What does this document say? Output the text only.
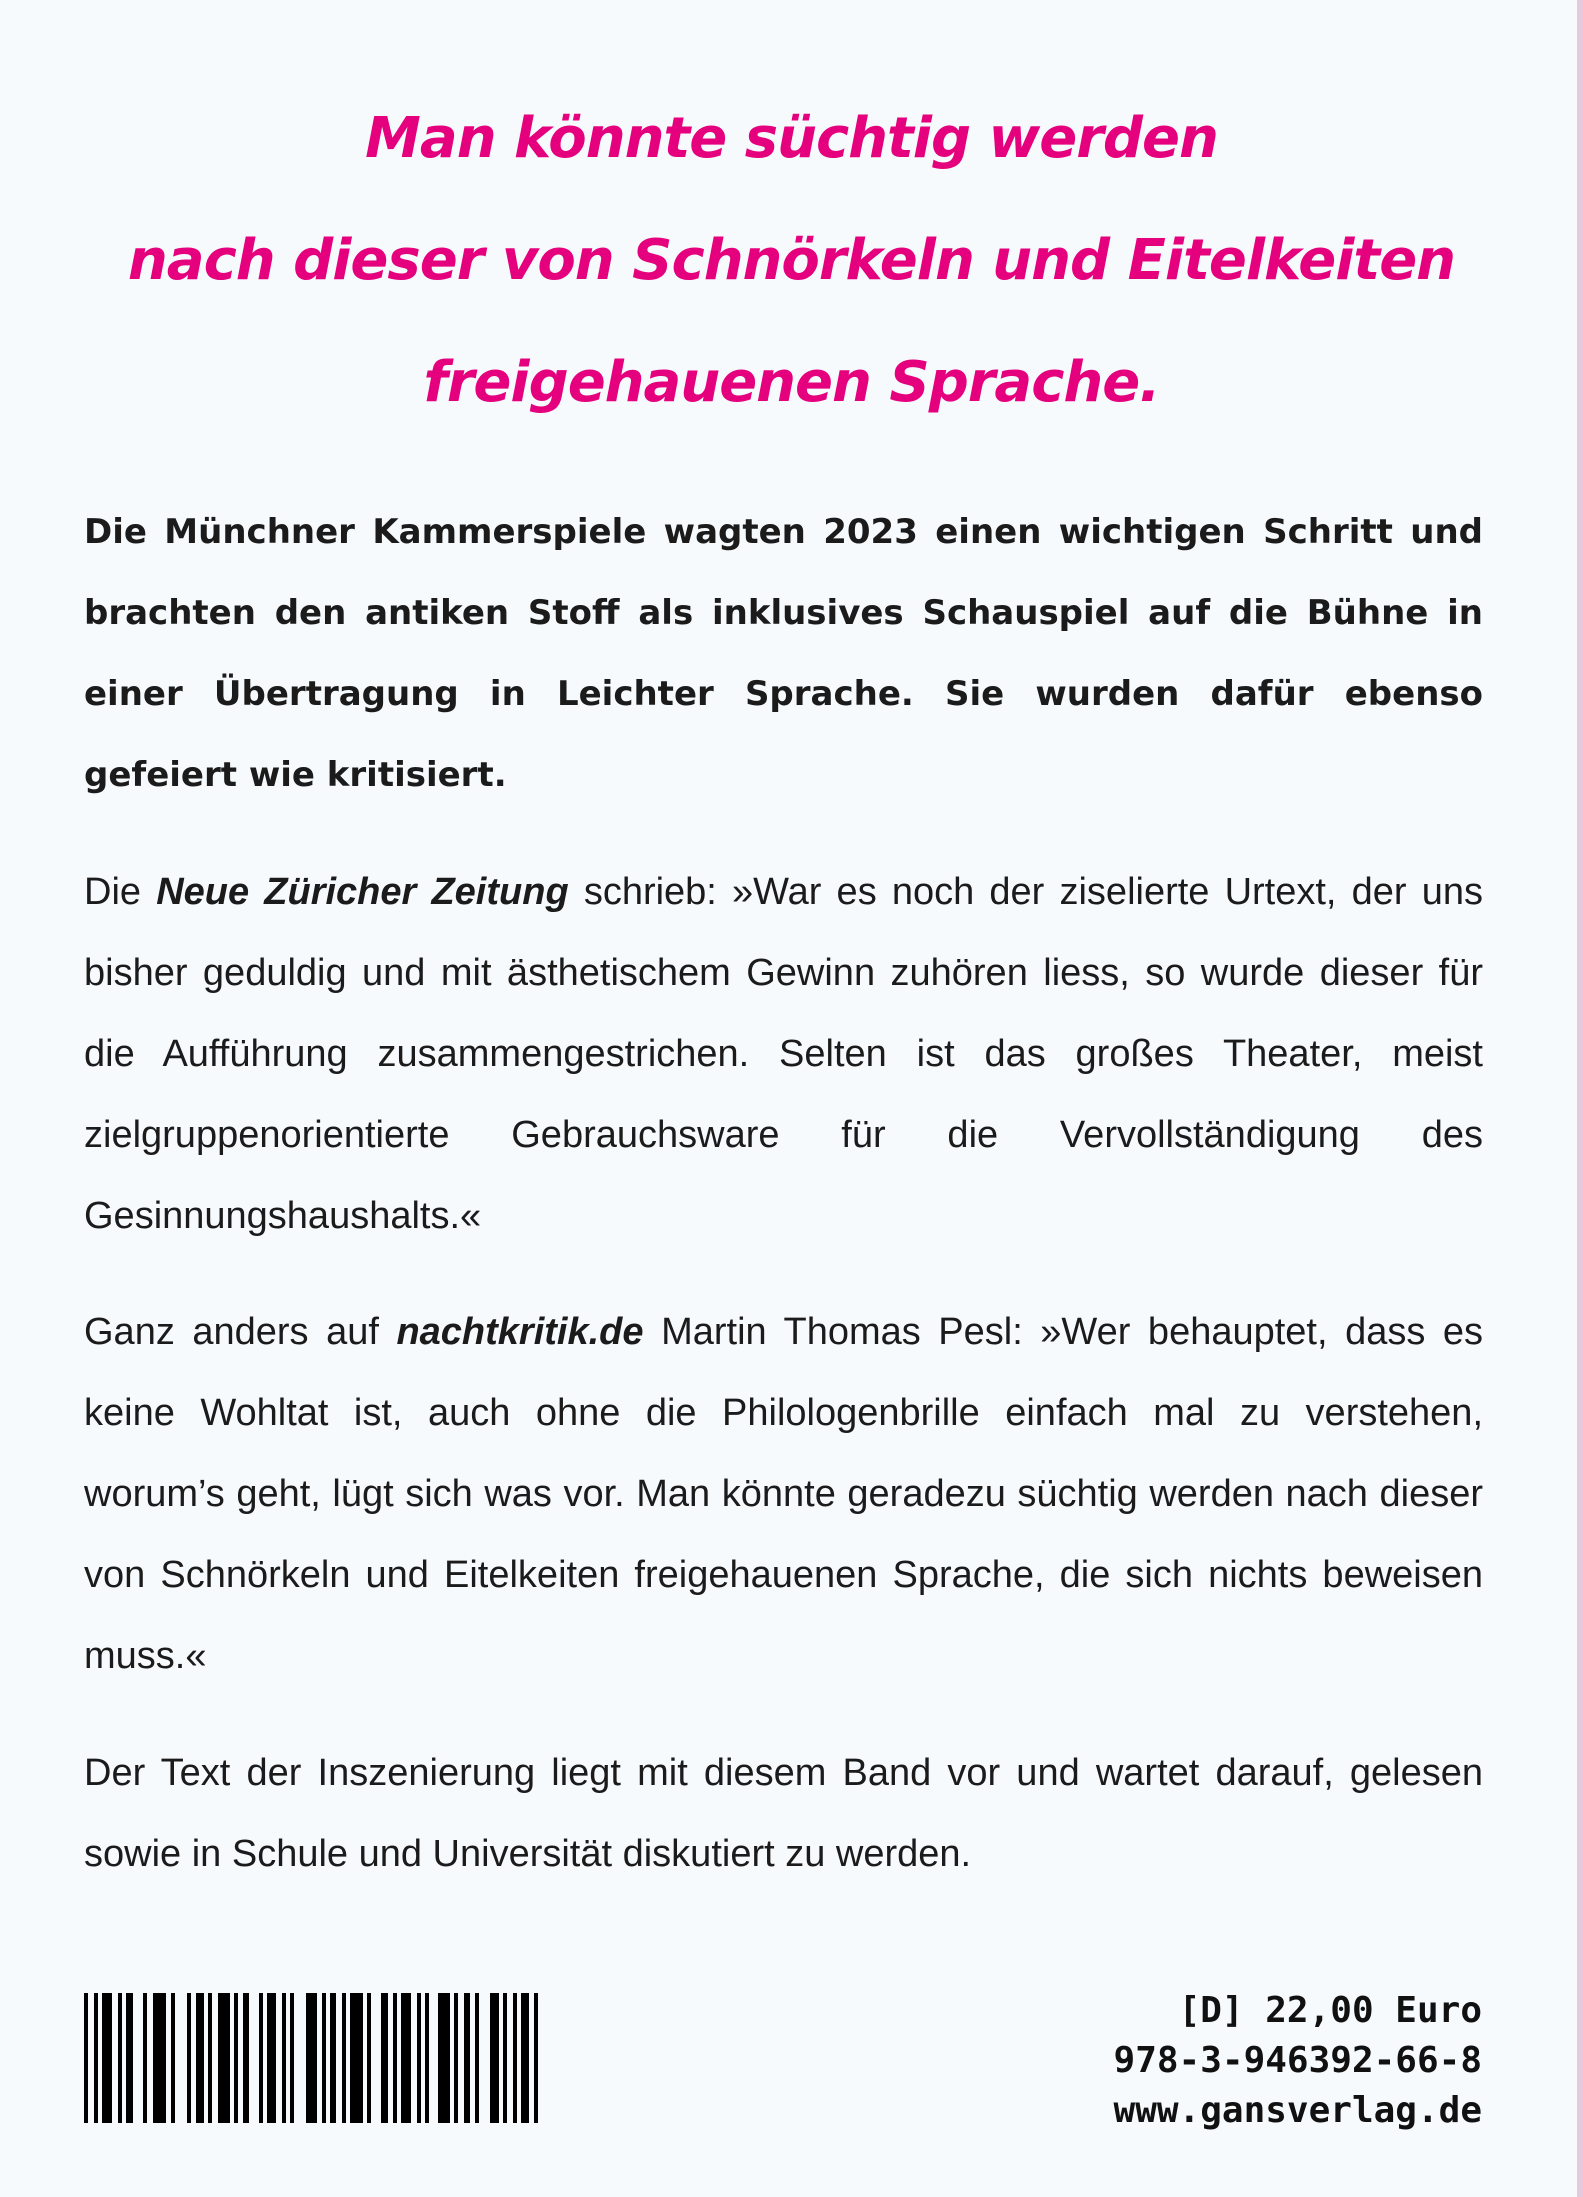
Man könnte süchtig werden
nach dieser von Schnörkeln und Eitelkeiten
freigehauenen Sprache.
Die Münchner Kammerspiele wagten 2023 einen wichtigen Schritt und brachten den antiken Stoff als inklusives Schauspiel auf die Bühne in einer Übertragung in Leichter Sprache. Sie wurden dafür ebenso gefeiert wie kritisiert.
Die Neue Züricher Zeitung schrieb: »War es noch der ziselierte Urtext, der uns bisher geduldig und mit ästhetischem Gewinn zuhören liess, so wurde dieser für die Aufführung zusammengestrichen. Selten ist das großes Theater, meist zielgruppenorientierte Gebrauchsware für die Vervollständigung des Gesinnungshaushalts.«
Ganz anders auf nachtkritik.de Martin Thomas Pesl: »Wer behauptet, dass es keine Wohltat ist, auch ohne die Philologenbrille einfach mal zu verstehen, worum’s geht, lügt sich was vor. Man könnte geradezu süchtig werden nach dieser von Schnörkeln und Eitelkeiten freigehauenen Sprache, die sich nichts beweisen muss.«
Der Text der Inszenierung liegt mit diesem Band vor und wartet darauf, gelesen sowie in Schule und Universität diskutiert zu werden.
[D] 22,00 Euro
978-3-946392-66-8
www.gansverlag.de
